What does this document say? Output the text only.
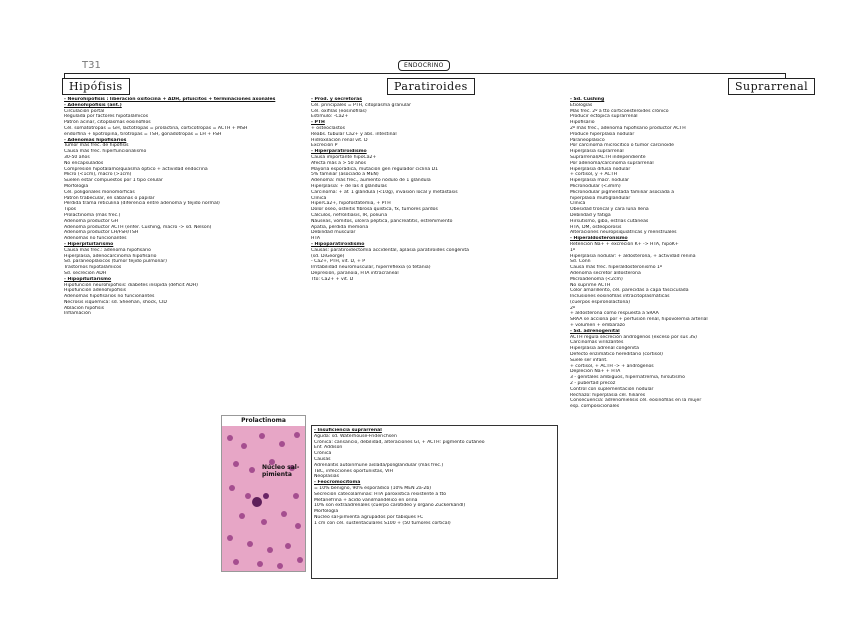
T31	ENDOCRINO
Hipófisis	Paratiroides	Suprarrenal
- Neurohipófisis : liberación oxitocina + ADH, pituicitos + terminaciones axonales
- Adenohipófisis (ant.)
Circulación portal
Regulada por factores hipotalámicos
Patrón acinar, citoplasmas eosinófilos
Cél. somatotropas = GH, lactotropas = prolactina, corticotropas = ACTH + MSH
endorfina + lipotropina, tirotropas = TSH, gonadotropas = LH + FSH
- Adenomas hipofisarios
Tumor más frec. de hipófisis
Causa más frec. hiperfuncionalismo
30-50 años
No encapsulados
Compresión hipotálamo/quiasma óptico + actividad endocrina
Micro (<1cm), macro (>1cm)
Suelen estar compuestos por 1 tipo celular
Morfología
Cél. poligonales monomórficas
Patrón trabecular, en sábanas o papilar
Pérdida trama reticulina (diferencia entre adenoma y tejido normal)
Tipos
Prolactinoma (más frec.)
Adenoma productor GH
Adenoma productor ACTH (enfer. Cushing, macro -> sd. Nelson)
Adenoma productor LH/FSH/TSH
Adenomas no funcionantes
- Hiperpituitarismo
Causa más frec.: adenoma hipofisario
Hiperplasia, adenocarcinoma hipofisario
Sd. paraneoplásicos (tumor tejido pulmonar)
Trastornos hipotalámicos
Sd. secreción ADH
- Hipopituitarismo
Hipofunción neurohipófisis: diabetes insípida (déficit ADH)
Hipofunción adenohipófisis
Adenomas hipofisarios no funcionantes
Necrosis isquémica: sd. Sheehan, shock, CID
Ablación hipófisis
Inflamación
- Prod. y secretoras
Cél. principales = PTH, citoplasma granular
Cél. oxífilas (eosinófilas)
Estímulo: -Ca2+
- PTH
+ osteoclastos
Reabs. tubular Ca2+ y abs. intestinal
Hidroxilación renal vit. D
Excreción P
- Hiperparatiroidismo
Causa importante hipoCa2+
Afecta más a > 50 años
Mayoría esporádica, mutación gen regulador ciclina D1
5% familiar (asociado a MEN)
Adenoma: más frec., aumento nódulo de 1 glándula
Hiperplasia: + de las 4 glándulas
Carcinoma: + af. 1 glándula (<10g), invasión local y metástasis
Clínica
HiperCa2+, hipofosfatemia, + PTH
Dolor óseo, osteitis fibrosa quística, fx, tumores pardos
Cálculos, nefrolitiasis, IR, poliuria
Náuseas, vómitos, úlcera péptica, pancreatitis, estreñimiento
Apatía, pérdida memoria
Debilidad muscular
HTA
- Hipoparatiroidismo
Causas: paratiroidectomía accidental, aplasia paratiroides congénita
(sd. DiGeorge)
- Ca2+, PTH, vit. D, + P
Irritabilidad neuromuscular, hiperreflexia (o tetania)
Depresión, paranoia, HTA intracraneal
Tto: Ca2+ + vit. D
- Sd. Cushing
Etiologías
Más frec. 2º a tto corticoesteroides crónico
Producir ectópica suprarrenal
Hipofisario
2º más frec., adenoma hipofisario productor ACTH
Produce hiperplasia nodular
Paraneoplásico
Por carcinoma microcítico o tumor carcinoide
Hiperplasia suprarrenal
Suprarrenal/ACTH independiente
Por adenoma/carcinoma suprarrenal
Hiperplasia difusa nodular
+ cortisol, y + ACTH
Hiperplasia macr. nodular
Micronodular (<3mm)
Micronodular pigmentada familiar asociada a
hiperplasia multiglandular
Clínica
Obesidad troncal y cara luna llena
Debilidad y fatiga
Hirsutismo, giba, estrías cutáneas
HTA, DM, osteoporosis
Alteraciones neuropsiquiátricas y menstruales
- Hiperaldosteronismo
Retención Na+ + excreción K+ -> HTA, hipoK+
1º
Hiperplasia nodular: + aldosterona, + actividad renina
Sd. Conn
Causa más frec. hiperaldosteronismo 1º
Adenoma secretor aldosterona
Microadenoma (<2cm)
No suprime ACTH
Color amarillento, cél. parecidas a capa fasciculada
Inclusiones eosinófilas intracitoplasmáticas
(cuerpos espironolactona)
2º
+ aldosterona como respuesta a SRAA
SRAA se acciona por + perfusión renal, hipovolemia arterial
+ volumen + embarazo
- Sd. adrenogenital
ACTH regula secreción andrógenos (exceso por sus 3S)
Carcinomas virilizantes
Hiperplasia adrenal congénita
Defecto enzimático hereditario (cortisol)
Suele ser infant.
+ cortisol, + ACTH -> + andrógenos
Depleción Na+ + HTA
3 - genitales ambiguos, hipernatremia, hirsutismo
2 - pubertad precoz
Control con suplementación nodular
Rechazo: hiperplasia cél. hiliares
Consecuencia: adrenomielisis cél. eosinófilas en la mujer
esp. composicionales
Prolactinoma
Núcleo sal-pimienta
- Insuficiencia suprarrenal
Aguda: sd. Waterhouse-Friderichsen
Crónica: cansancio, debilidad, alteraciones GI, + ACTH: pigmento cutáneo
Enf. Addison
Crónica
Causas
Adrenalitis autoinmune aislada/poliglandular (más frec.)
TBC, infecciones oportunistas, VIH
Neoplasias
- Feocromocitoma
= 10% benigno, 90% esporádico (10% MEN 2a-2b)
Secreción catecolaminas: HTA paroxística resistente a tto
Metanefrina + ácido vanilmandélico en orina
10% son extraadrenales (cuerpo carotídeo y órgano Zuckerkandl)
Morfología
Núcleo sal-pimienta agrupados por tabiques FC
1 cm con cél. sustentaculares S100 + (50 tumores cortical)
